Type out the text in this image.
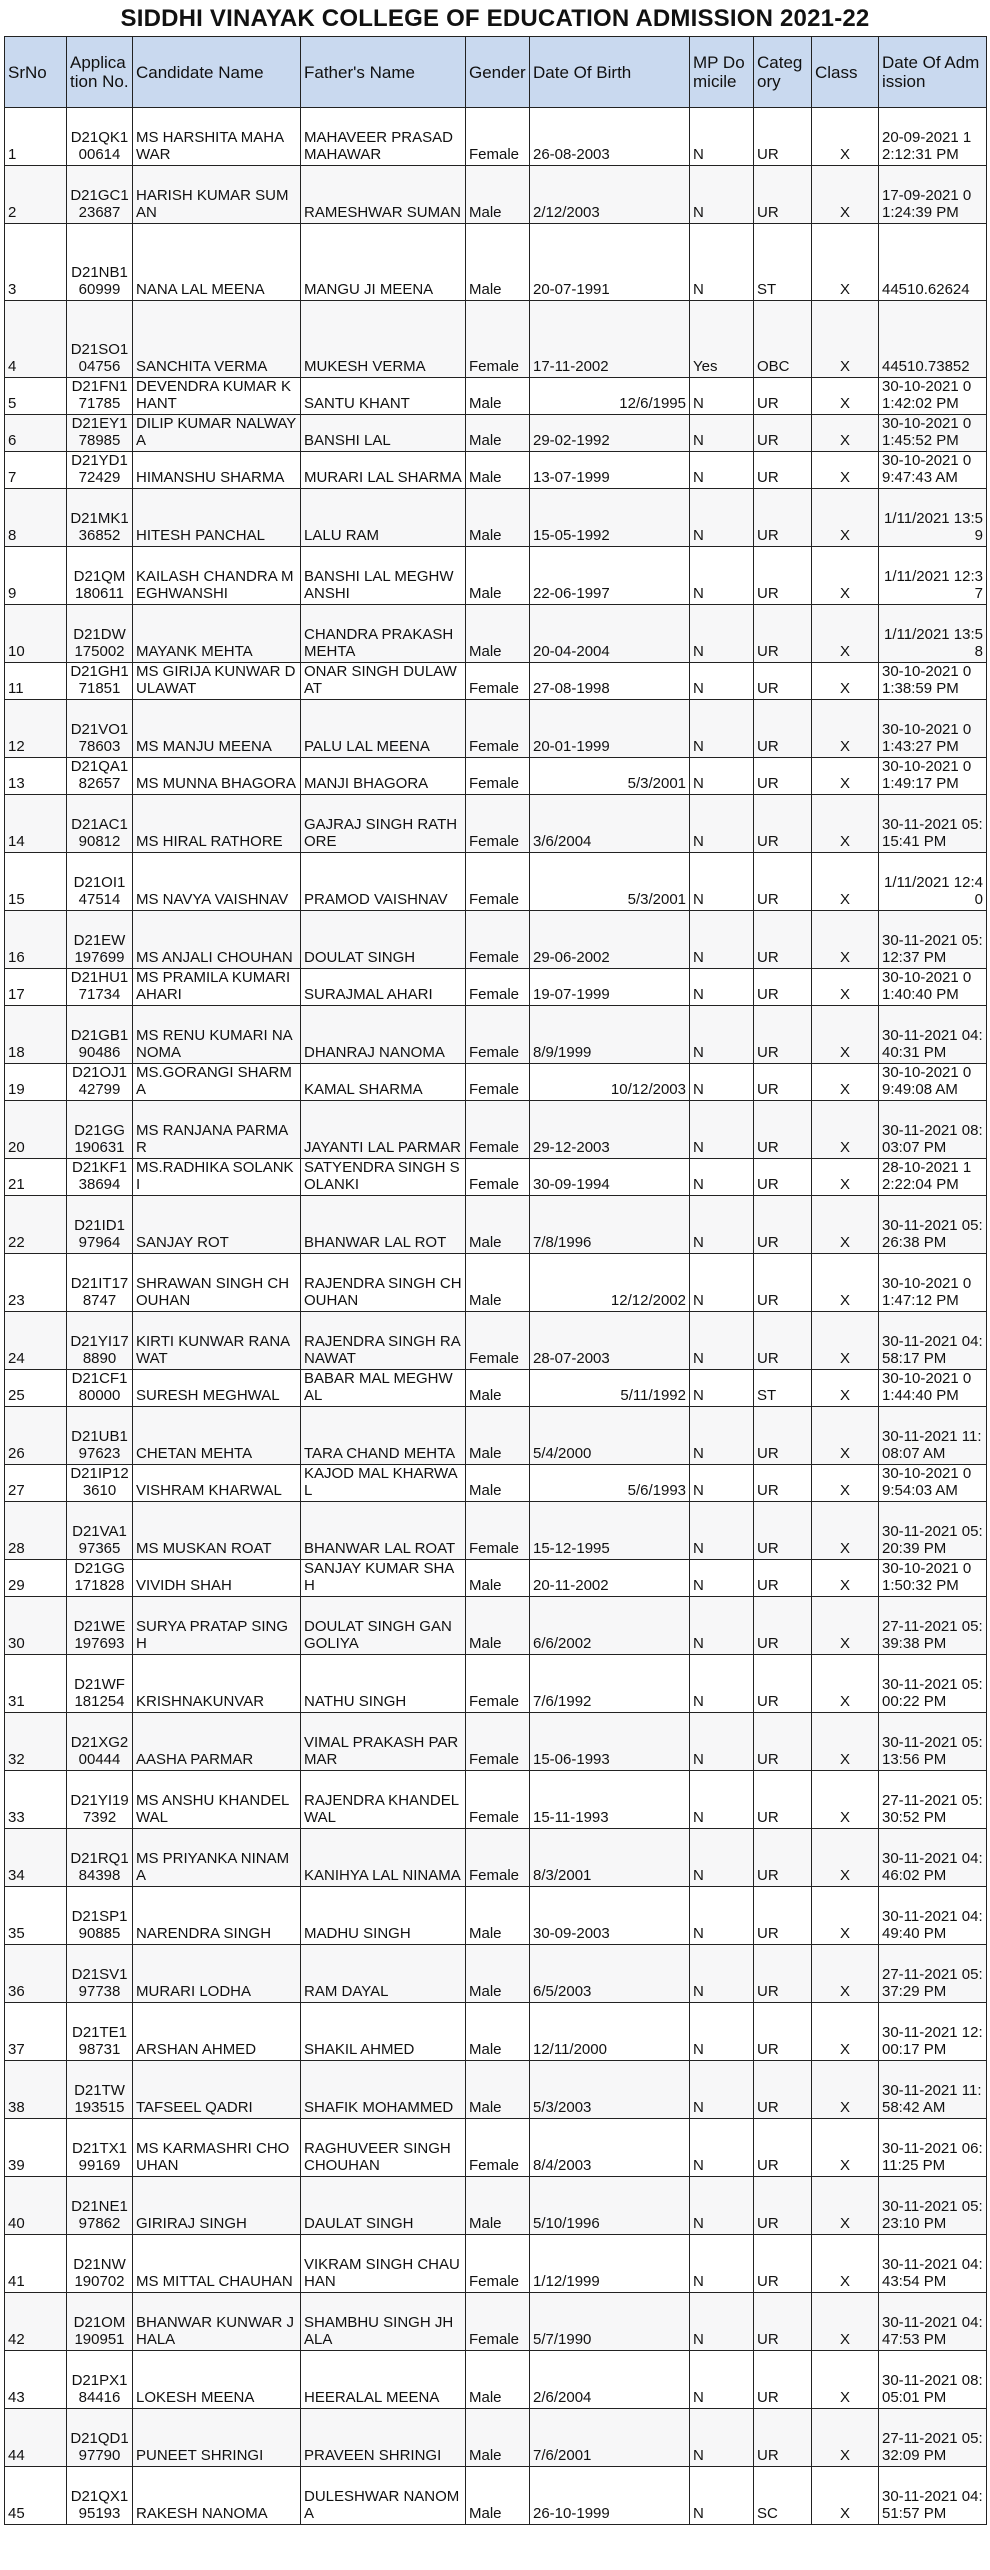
SIDDHI VINAYAK COLLEGE OF EDUCATION ADMISSION 2021-22
SrNo	Application No.	Candidate Name	Father's Name	Gender	Date Of Birth	MP Domicile	Category	Class	Date Of Admission
1	D21QK100614	MS HARSHITA MAHAWAR	MAHAVEER PRASAD MAHAWAR	Female	26-08-2003	N	UR	X	20-09-2021 12:12:31 PM
2	D21GC123687	HARISH KUMAR SUMAN	RAMESHWAR SUMAN	Male	2/12/2003	N	UR	X	17-09-2021 01:24:39 PM
3	D21NB160999	NANA LAL MEENA	MANGU JI MEENA	Male	20-07-1991	N	ST	X	44510.62624
4	D21SO104756	SANCHITA VERMA	MUKESH VERMA	Female	17-11-2002	Yes	OBC	X	44510.73852
5	D21FN171785	DEVENDRA KUMAR KHANT	SANTU KHANT	Male	12/6/1995	N	UR	X	30-10-2021 01:42:02 PM
6	D21EY178985	DILIP KUMAR NALWAYA	BANSHI LAL	Male	29-02-1992	N	UR	X	30-10-2021 01:45:52 PM
7	D21YD172429	HIMANSHU SHARMA	MURARI LAL SHARMA	Male	13-07-1999	N	UR	X	30-10-2021 09:47:43 AM
8	D21MK136852	HITESH PANCHAL	LALU RAM	Male	15-05-1992	N	UR	X	1/11/2021 13:59
9	D21QM180611	KAILASH CHANDRA MEGHWANSHI	BANSHI LAL MEGHWANSHI	Male	22-06-1997	N	UR	X	1/11/2021 12:37
10	D21DW175002	MAYANK MEHTA	CHANDRA PRAKASH MEHTA	Male	20-04-2004	N	UR	X	1/11/2021 13:58
11	D21GH171851	MS GIRIJA KUNWAR DULAWAT	ONAR SINGH DULAWAT	Female	27-08-1998	N	UR	X	30-10-2021 01:38:59 PM
12	D21VO178603	MS MANJU MEENA	PALU LAL MEENA	Female	20-01-1999	N	UR	X	30-10-2021 01:43:27 PM
13	D21QA182657	MS MUNNA BHAGORA	MANJI BHAGORA	Female	5/3/2001	N	UR	X	30-10-2021 01:49:17 PM
14	D21AC190812	MS HIRAL RATHORE	GAJRAJ SINGH RATHORE	Female	3/6/2004	N	UR	X	30-11-2021 05:15:41 PM
15	D21OI147514	MS NAVYA VAISHNAV	PRAMOD VAISHNAV	Female	5/3/2001	N	UR	X	1/11/2021 12:40
16	D21EW197699	MS ANJALI CHOUHAN	DOULAT SINGH	Female	29-06-2002	N	UR	X	30-11-2021 05:12:37 PM
17	D21HU171734	MS PRAMILA KUMARI AHARI	SURAJMAL AHARI	Female	19-07-1999	N	UR	X	30-10-2021 01:40:40 PM
18	D21GB190486	MS RENU KUMARI NANOMA	DHANRAJ NANOMA	Female	8/9/1999	N	UR	X	30-11-2021 04:40:31 PM
19	D21OJ142799	MS.GORANGI SHARMA	KAMAL SHARMA	Female	10/12/2003	N	UR	X	30-10-2021 09:49:08 AM
20	D21GG190631	MS RANJANA PARMAR	JAYANTI LAL PARMAR	Female	29-12-2003	N	UR	X	30-11-2021 08:03:07 PM
21	D21KF138694	MS.RADHIKA SOLANKI	SATYENDRA SINGH SOLANKI	Female	30-09-1994	N	UR	X	28-10-2021 12:22:04 PM
22	D21ID197964	SANJAY ROT	BHANWAR LAL ROT	Male	7/8/1996	N	UR	X	30-11-2021 05:26:38 PM
23	D21IT178747	SHRAWAN SINGH CHOUHAN	RAJENDRA SINGH CHOUHAN	Male	12/12/2002	N	UR	X	30-10-2021 01:47:12 PM
24	D21YI178890	KIRTI KUNWAR RANAWAT	RAJENDRA SINGH RANAWAT	Female	28-07-2003	N	UR	X	30-11-2021 04:58:17 PM
25	D21CF180000	SURESH MEGHWAL	BABAR MAL MEGHWAL	Male	5/11/1992	N	ST	X	30-10-2021 01:44:40 PM
26	D21UB197623	CHETAN MEHTA	TARA CHAND MEHTA	Male	5/4/2000	N	UR	X	30-11-2021 11:08:07 AM
27	D21IP123610	VISHRAM KHARWAL	KAJOD MAL KHARWAL	Male	5/6/1993	N	UR	X	30-10-2021 09:54:03 AM
28	D21VA197365	MS MUSKAN ROAT	BHANWAR LAL ROAT	Female	15-12-1995	N	UR	X	30-11-2021 05:20:39 PM
29	D21GG171828	VIVIDH SHAH	SANJAY KUMAR SHAH	Male	20-11-2002	N	UR	X	30-10-2021 01:50:32 PM
30	D21WE197693	SURYA PRATAP SINGH	DOULAT SINGH GANGOLIYA	Male	6/6/2002	N	UR	X	27-11-2021 05:39:38 PM
31	D21WF181254	KRISHNAKUNVAR	NATHU SINGH	Female	7/6/1992	N	UR	X	30-11-2021 05:00:22 PM
32	D21XG200444	AASHA PARMAR	VIMAL PRAKASH PARMAR	Female	15-06-1993	N	UR	X	30-11-2021 05:13:56 PM
33	D21YI197392	MS ANSHU KHANDELWAL	RAJENDRA KHANDELWAL	Female	15-11-1993	N	UR	X	27-11-2021 05:30:52 PM
34	D21RQ184398	MS PRIYANKA NINAMA	KANIHYA LAL NINAMA	Female	8/3/2001	N	UR	X	30-11-2021 04:46:02 PM
35	D21SP190885	NARENDRA SINGH	MADHU SINGH	Male	30-09-2003	N	UR	X	30-11-2021 04:49:40 PM
36	D21SV197738	MURARI LODHA	RAM DAYAL	Male	6/5/2003	N	UR	X	27-11-2021 05:37:29 PM
37	D21TE198731	ARSHAN AHMED	SHAKIL AHMED	Male	12/11/2000	N	UR	X	30-11-2021 12:00:17 PM
38	D21TW193515	TAFSEEL QADRI	SHAFIK MOHAMMED	Male	5/3/2003	N	UR	X	30-11-2021 11:58:42 AM
39	D21TX199169	MS KARMASHRI CHOUHAN	RAGHUVEER SINGH CHOUHAN	Female	8/4/2003	N	UR	X	30-11-2021 06:11:25 PM
40	D21NE197862	GIRIRAJ SINGH	DAULAT SINGH	Male	5/10/1996	N	UR	X	30-11-2021 05:23:10 PM
41	D21NW190702	MS MITTAL CHAUHAN	VIKRAM SINGH CHAUHAN	Female	1/12/1999	N	UR	X	30-11-2021 04:43:54 PM
42	D21OM190951	BHANWAR KUNWAR JHALA	SHAMBHU SINGH JHALA	Female	5/7/1990	N	UR	X	30-11-2021 04:47:53 PM
43	D21PX184416	LOKESH MEENA	HEERALAL MEENA	Male	2/6/2004	N	UR	X	30-11-2021 08:05:01 PM
44	D21QD197790	PUNEET SHRINGI	PRAVEEN SHRINGI	Male	7/6/2001	N	UR	X	27-11-2021 05:32:09 PM
45	D21QX195193	RAKESH NANOMA	DULESHWAR NANOMA	Male	26-10-1999	N	SC	X	30-11-2021 04:51:57 PM
